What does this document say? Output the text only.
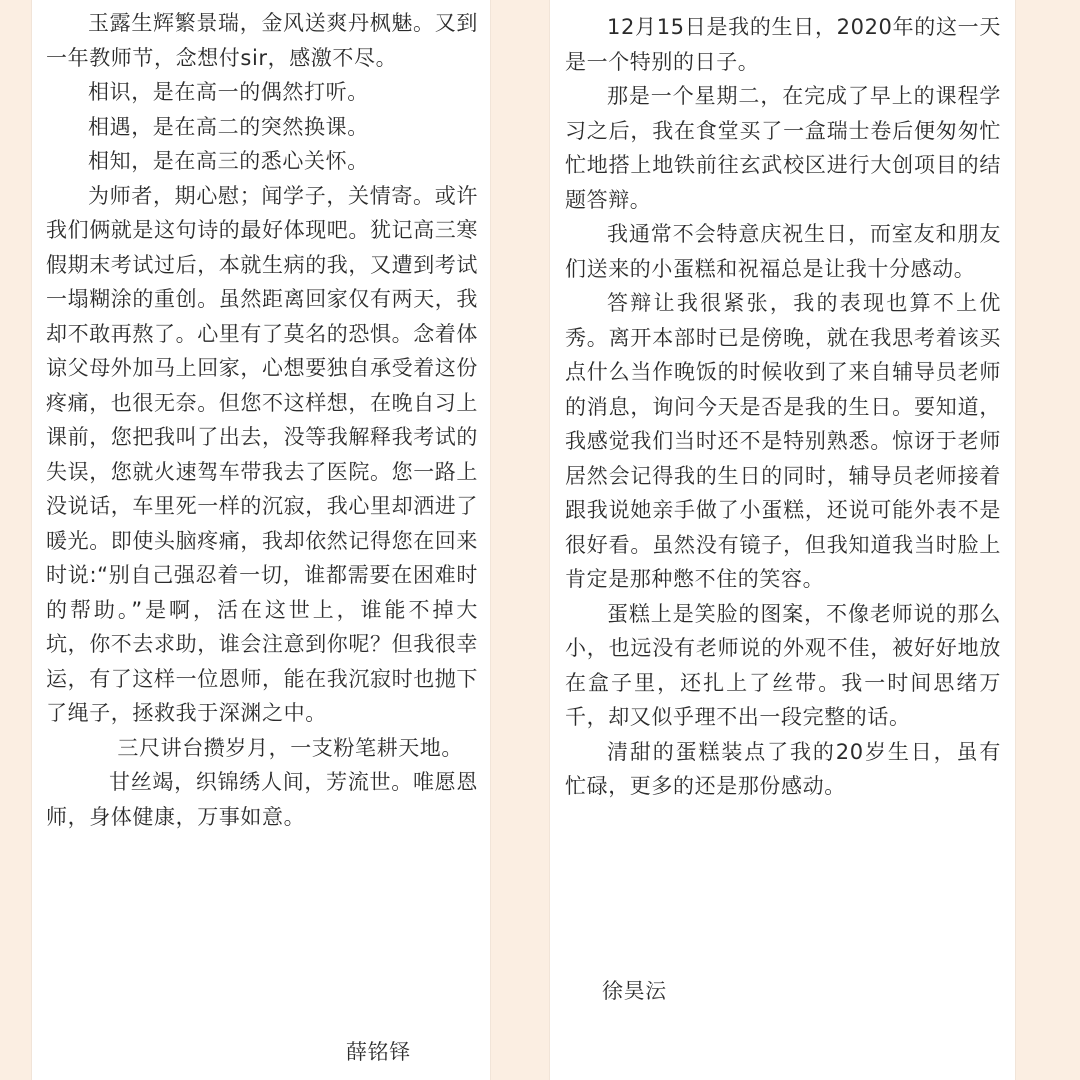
玉露生辉繁景瑞，金风送爽丹枫魅。又到一年教师节，念想付sir，感激不尽。

相识，是在高一的偶然打听。

相遇，是在高二的突然换课。

相知，是在高三的悉心关怀。

为师者，期心慰；闻学子，关情寄。或许我们俩就是这句诗的最好体现吧。犹记高三寒假期末考试过后，本就生病的我，又遭到考试一塌糊涂的重创。虽然距离回家仅有两天，我却不敢再熬了。心里有了莫名的恐惧。念着体谅父母外加马上回家，心想要独自承受着这份疼痛，也很无奈。但您不这样想，在晚自习上课前，您把我叫了出去，没等我解释我考试的失误，您就火速驾车带我去了医院。您一路上没说话，车里死一样的沉寂，我心里却洒进了暖光。即使头脑疼痛，我却依然记得您在回来时说:“别自己强忍着一切，谁都需要在困难时的帮助。”是啊，活在这世上，谁能不掉大坑，你不去求助，谁会注意到你呢？但我很幸运，有了这样一位恩师，能在我沉寂时也抛下了绳子，拯救我于深渊之中。

三尺讲台攒岁月，一支粉笔耕天地。

甘丝竭，织锦绣人间，芳流世。唯愿恩师，身体健康，万事如意。

薛铭铎

12月15日是我的生日，2020年的这一天是一个特别的日子。

那是一个星期二，在完成了早上的课程学习之后，我在食堂买了一盒瑞士卷后便匆匆忙忙地搭上地铁前往玄武校区进行大创项目的结题答辩。

我通常不会特意庆祝生日，而室友和朋友们送来的小蛋糕和祝福总是让我十分感动。

答辩让我很紧张，我的表现也算不上优秀。离开本部时已是傍晚，就在我思考着该买点什么当作晚饭的时候收到了来自辅导员老师的消息，询问今天是否是我的生日。要知道，我感觉我们当时还不是特别熟悉。惊讶于老师居然会记得我的生日的同时，辅导员老师接着跟我说她亲手做了小蛋糕，还说可能外表不是很好看。虽然没有镜子，但我知道我当时脸上肯定是那种憋不住的笑容。

蛋糕上是笑脸的图案，不像老师说的那么小，也远没有老师说的外观不佳，被好好地放在盒子里，还扎上了丝带。我一时间思绪万千，却又似乎理不出一段完整的话。

清甜的蛋糕装点了我的20岁生日，虽有忙碌，更多的还是那份感动。

徐昊沄
